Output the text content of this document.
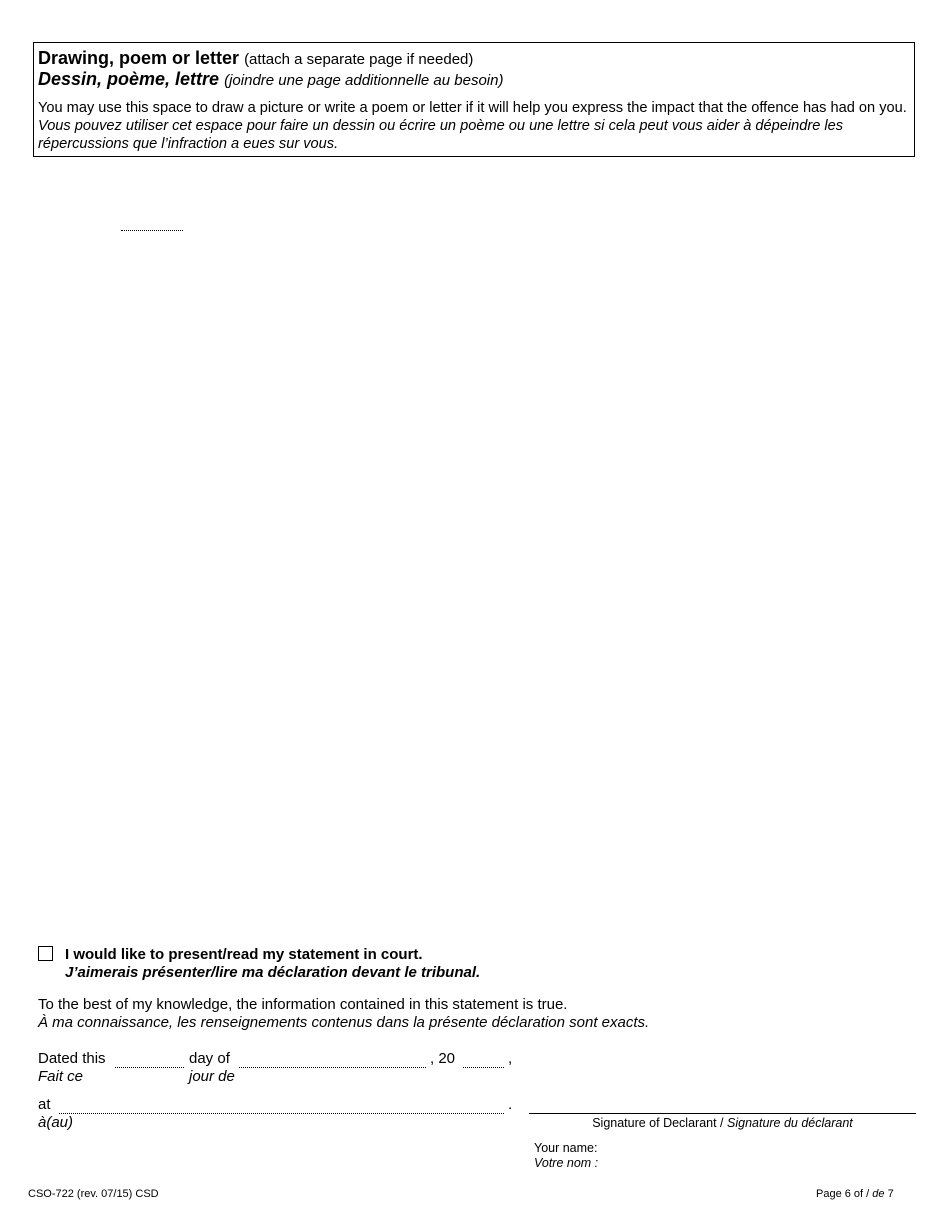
Drawing, poem or letter (attach a separate page if needed)
Dessin, poème, lettre (joindre une page additionnelle au besoin)
You may use this space to draw a picture or write a poem or letter if it will help you express the impact that the offence has had on you.
Vous pouvez utiliser cet espace pour faire un dessin ou écrire un poème ou une lettre si cela peut vous aider à dépeindre les répercussions que l’infraction a eues sur vous.
I would like to present/read my statement in court.
J’aimerais présenter/lire ma déclaration devant le tribunal.
To the best of my knowledge, the information contained in this statement is true.
À ma connaissance, les renseignements contenus dans la présente déclaration sont exacts.
Dated this
Fait ce
day of
jour de
, 20	,
at
à(au)
.
Signature of Declarant / Signature du déclarant
Your name:
Votre nom :
CSO-722 (rev. 07/15) CSD	Page 6 of / de 7
